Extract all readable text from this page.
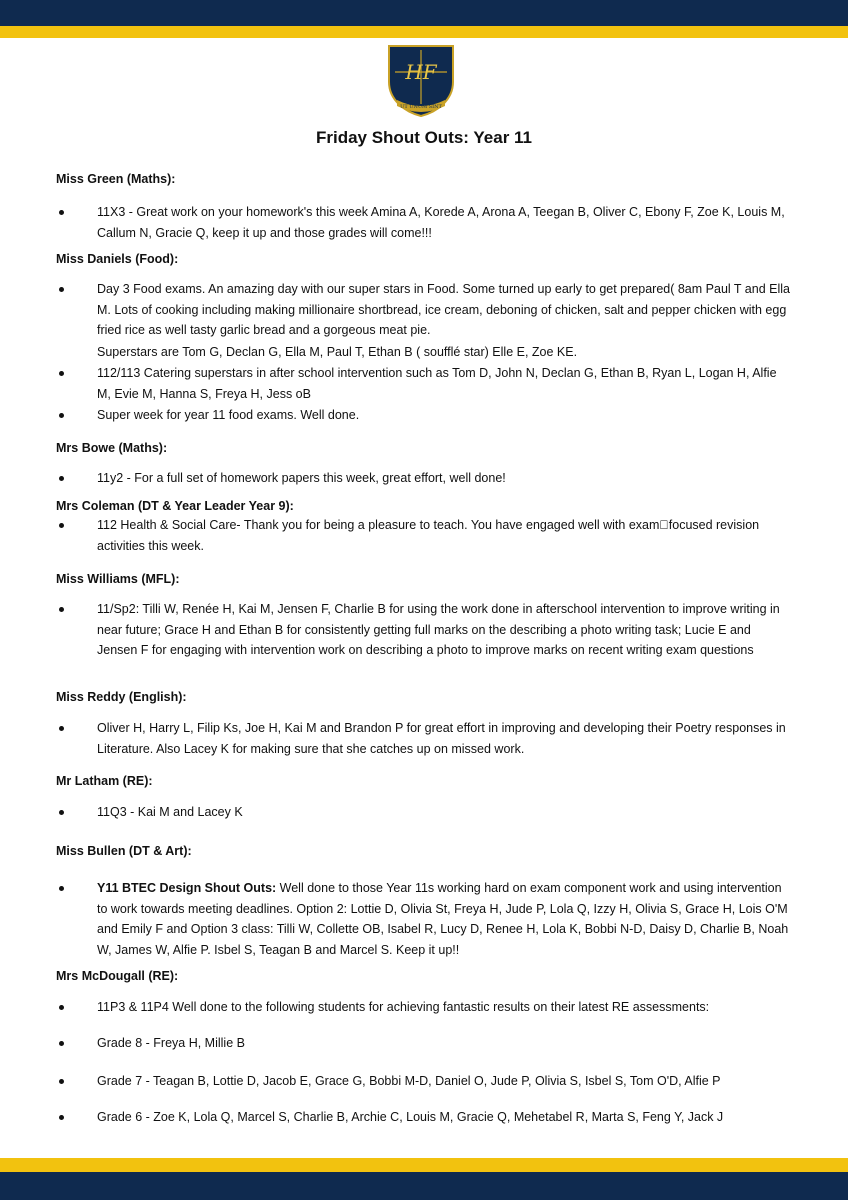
HF
UT UNUM SINT
Friday Shout Outs: Year 11
Miss Green (Maths):
11X3 - Great work on your homework's this week Amina A, Korede A, Arona A, Teegan B, Oliver C, Ebony F, Zoe K, Louis M, Callum N, Gracie Q, keep it up and those grades will come!!!
Miss Daniels (Food):
Day 3 Food exams. An amazing day with our super stars in Food. Some turned up early to get prepared( 8am Paul T and Ella M. Lots of cooking including making millionaire shortbread, ice cream, deboning of chicken, salt and pepper chicken with egg fried rice as well tasty garlic bread and a gorgeous meat pie.
Superstars are Tom G, Declan G, Ella M, Paul T, Ethan B ( soufflé star) Elle E, Zoe KE.
112/113 Catering superstars in after school intervention such as Tom D, John N, Declan G, Ethan B, Ryan L, Logan H, Alfie M, Evie M, Hanna S, Freya H, Jess oB
Super week for year 11 food exams. Well done.
Mrs Bowe (Maths):
11y2 - For a full set of homework papers this week, great effort, well done!
Mrs Coleman (DT & Year Leader Year 9):
112 Health & Social Care- Thank you for being a pleasure to teach. You have engaged well with exam focused revision activities this week.
Miss Williams (MFL):
11/Sp2: Tilli W, Renée H, Kai M, Jensen F, Charlie B for using the work done in afterschool intervention to improve writing in near future; Grace H and Ethan B for consistently getting full marks on the describing a photo writing task; Lucie E and Jensen F for engaging with intervention work on describing a photo to improve marks on recent writing exam questions
Miss Reddy (English):
Oliver H, Harry L, Filip Ks, Joe H, Kai M and Brandon P for great effort in improving and developing their Poetry responses in Literature. Also Lacey K for making sure that she catches up on missed work.
Mr Latham (RE):
11Q3 - Kai M and Lacey K
Miss Bullen (DT & Art):
Y11 BTEC Design Shout Outs: Well done to those Year 11s working hard on exam component work and using intervention to work towards meeting deadlines. Option 2: Lottie D, Olivia St, Freya H, Jude P, Lola Q, Izzy H, Olivia S, Grace H, Lois O'M and Emily F and Option 3 class: Tilli W, Collette OB, Isabel R, Lucy D, Renee H, Lola K, Bobbi N-D, Daisy D, Charlie B, Noah W, James W, Alfie P. Isbel S, Teagan B and Marcel S. Keep it up!!
Mrs McDougall (RE):
11P3 & 11P4 Well done to the following students for achieving fantastic results on their latest RE assessments:
Grade 8 - Freya H, Millie B
Grade 7 - Teagan B, Lottie D, Jacob E, Grace G, Bobbi M-D, Daniel O, Jude P, Olivia S, Isbel S, Tom O'D, Alfie P
Grade 6 - Zoe K, Lola Q, Marcel S, Charlie B, Archie C, Louis M, Gracie Q, Mehetabel R, Marta S, Feng Y, Jack J
